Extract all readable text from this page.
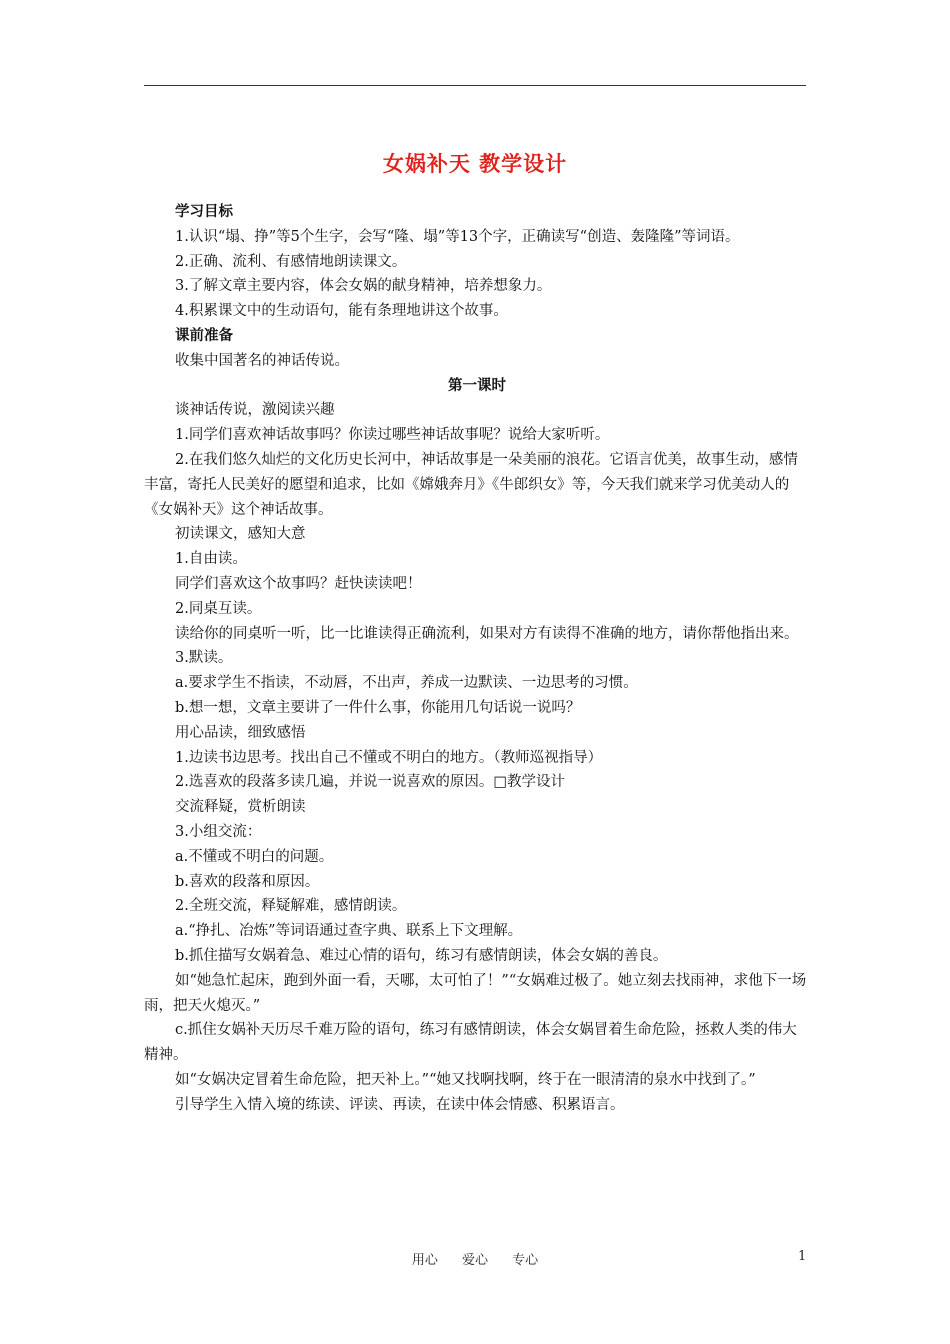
女娲补天 教学设计

学习目标

1.认识“塌、挣”等5个生字，会写“隆、塌”等13个字，正确读写“创造、轰隆隆”等词语。

2.正确、流利、有感情地朗读课文。

3.了解文章主要内容，体会女娲的献身精神，培养想象力。

4.积累课文中的生动语句，能有条理地讲这个故事。

课前准备

收集中国著名的神话传说。

第一课时

谈神话传说，激阅读兴趣

1.同学们喜欢神话故事吗？你读过哪些神话故事呢？说给大家听听。

2.在我们悠久灿烂的文化历史长河中，神话故事是一朵美丽的浪花。它语言优美，故事生动，感情丰富，寄托人民美好的愿望和追求，比如《嫦娥奔月》《牛郎织女》等，今天我们就来学习优美动人的《女娲补天》这个神话故事。

初读课文，感知大意

1.自由读。

同学们喜欢这个故事吗？赶快读读吧！

2.同桌互读。

读给你的同桌听一听，比一比谁读得正确流利，如果对方有读得不准确的地方，请你帮他指出来。

3.默读。

a.要求学生不指读，不动唇，不出声，养成一边默读、一边思考的习惯。

b.想一想，文章主要讲了一件什么事，你能用几句话说一说吗？

用心品读，细致感悟

1.边读书边思考。找出自己不懂或不明白的地方。（教师巡视指导）

2.选喜欢的段落多读几遍，并说一说喜欢的原因。□教学设计

交流释疑，赏析朗读

3.小组交流：

a.不懂或不明白的问题。

b.喜欢的段落和原因。

2.全班交流，释疑解难，感情朗读。

a.“挣扎、冶炼”等词语通过查字典、联系上下文理解。

b.抓住描写女娲着急、难过心情的语句，练习有感情朗读，体会女娲的善良。

如“她急忙起床，跑到外面一看，天哪，太可怕了！”“女娲难过极了。她立刻去找雨神，求他下一场雨，把天火熄灭。”

c.抓住女娲补天历尽千难万险的语句，练习有感情朗读，体会女娲冒着生命危险，拯救人类的伟大精神。

如“女娲决定冒着生命危险，把天补上。”“她又找啊找啊，终于在一眼清清的泉水中找到了。”

引导学生入情入境的练读、评读、再读，在读中体会情感、积累语言。

用心 爱心 专心	1
